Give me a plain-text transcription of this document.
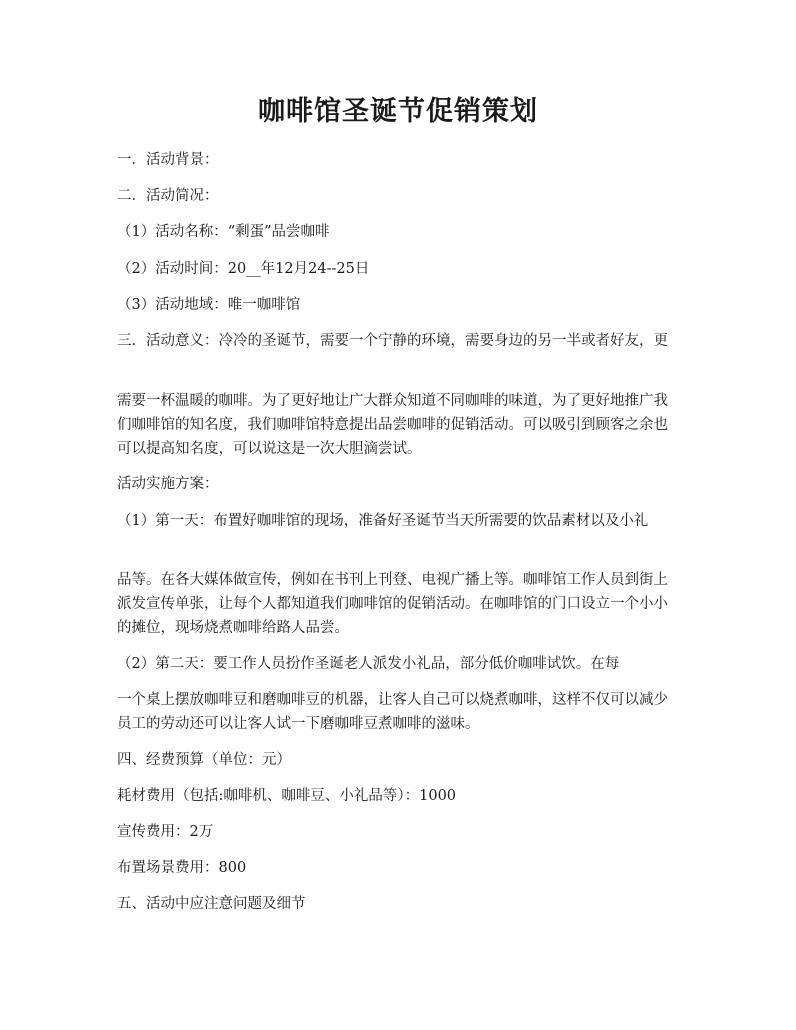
咖啡馆圣诞节促销策划

一．活动背景：

二．活动简况：

（1）活动名称：“剩蛋”品尝咖啡

（2）活动时间：20__年12月24--25日

（3）活动地域：唯一咖啡馆

三．活动意义：冷冷的圣诞节，需要一个宁静的环境，需要身边的另一半或者好友，更

需要一杯温暖的咖啡。为了更好地让广大群众知道不同咖啡的味道，为了更好地推广我们咖啡馆的知名度，我们咖啡馆特意提出品尝咖啡的促销活动。可以吸引到顾客之余也可以提高知名度，可以说这是一次大胆滴尝试。

活动实施方案：

（1）第一天：布置好咖啡馆的现场，准备好圣诞节当天所需要的饮品素材以及小礼

品等。在各大媒体做宣传，例如在书刊上刊登、电视广播上等。咖啡馆工作人员到街上派发宣传单张，让每个人都知道我们咖啡馆的促销活动。在咖啡馆的门口设立一个小小的摊位，现场烧煮咖啡给路人品尝。

（2）第二天：要工作人员扮作圣诞老人派发小礼品，部分低价咖啡试饮。在每

一个桌上摆放咖啡豆和磨咖啡豆的机器，让客人自己可以烧煮咖啡，这样不仅可以减少员工的劳动还可以让客人试一下磨咖啡豆煮咖啡的滋味。

四、经费预算（单位：元）

耗材费用（包括:咖啡机、咖啡豆、小礼品等）：1000

宣传费用：2万

布置场景费用：800

五、活动中应注意问题及细节
